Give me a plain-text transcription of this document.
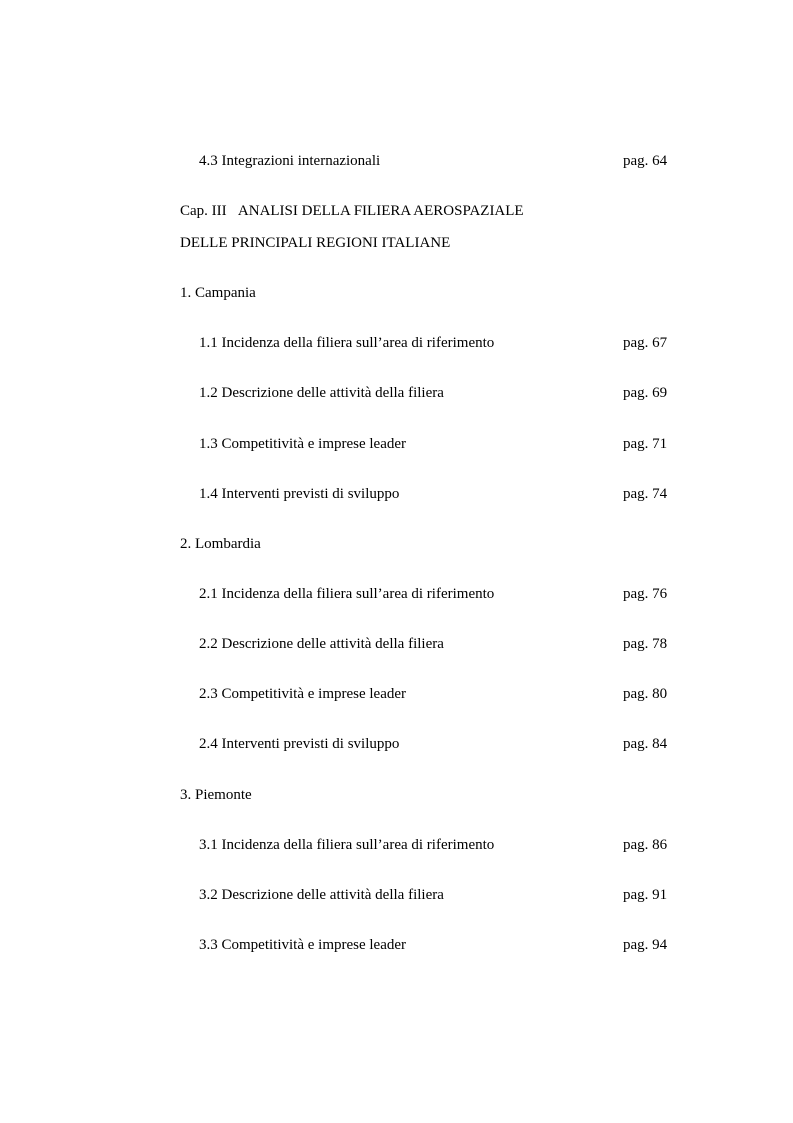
4.3 Integrazioni internazionali	pag. 64
Cap. III   ANALISI DELLA FILIERA AEROSPAZIALE
DELLE PRINCIPALI REGIONI ITALIANE
1. Campania
1.1 Incidenza della filiera sull’area di riferimento	pag. 67
1.2 Descrizione delle attività della filiera	pag. 69
1.3 Competitività e imprese leader	pag. 71
1.4 Interventi previsti di sviluppo	pag. 74
2. Lombardia
2.1 Incidenza della filiera sull’area di riferimento	pag. 76
2.2 Descrizione delle attività della filiera	pag. 78
2.3 Competitività e imprese leader	pag. 80
2.4 Interventi previsti di sviluppo	pag. 84
3. Piemonte
3.1 Incidenza della filiera sull’area di riferimento	pag. 86
3.2 Descrizione delle attività della filiera	pag. 91
3.3 Competitività e imprese leader	pag. 94
